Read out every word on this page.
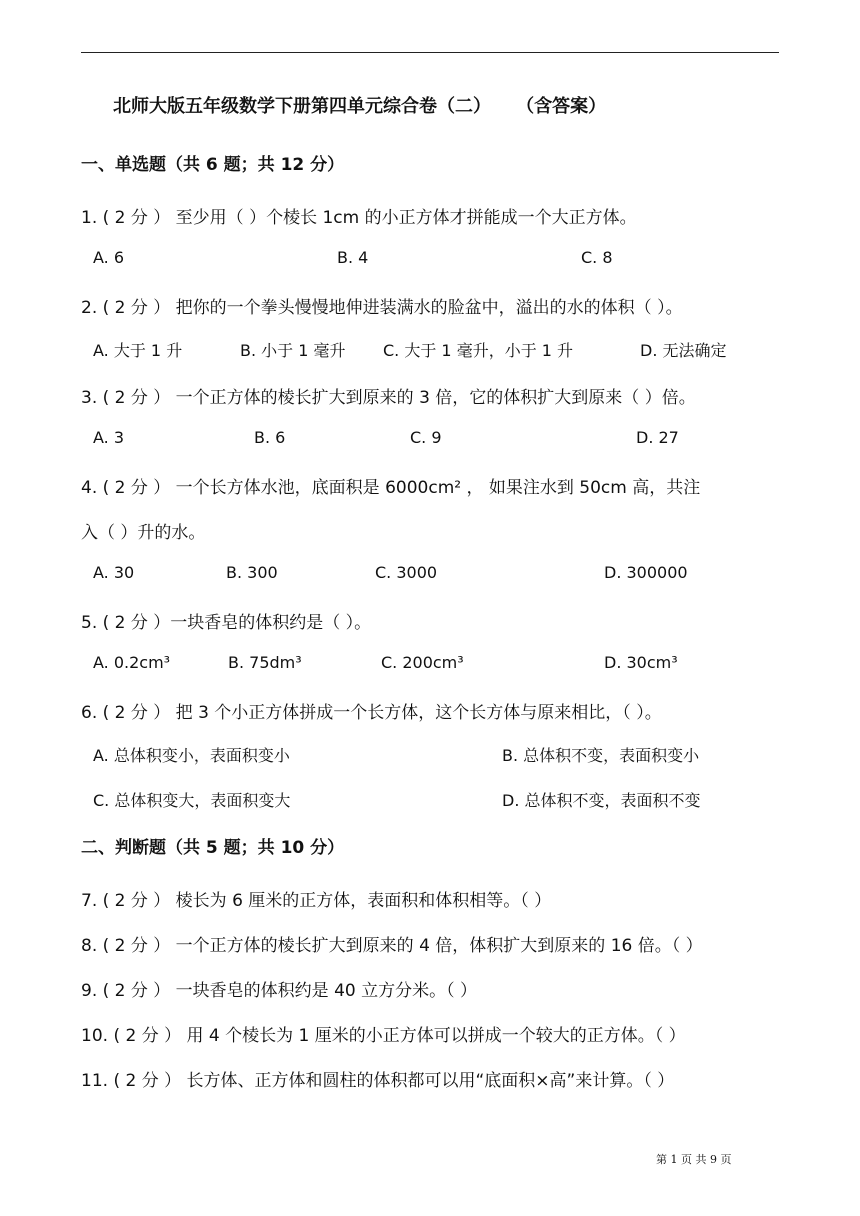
北师大版五年级数学下册第四单元综合卷（二）    （含答案）
一、单选题（共 6 题；共 12 分）
1. ( 2 分 ） 至少用（ ）个棱长 1cm 的小正方体才拼能成一个大正方体。
A. 6	B. 4	C. 8
2. ( 2 分 ） 把你的一个拳头慢慢地伸进装满水的脸盆中，溢出的水的体积（ ）。
A. 大于 1 升	B. 小于 1 毫升 C. 大于 1 毫升，小于 1 升	D. 无法确定
3. ( 2 分 ） 一个正方体的棱长扩大到原来的 3 倍，它的体积扩大到原来（ ）倍。
A. 3	B. 6	C. 9	D. 27
4. ( 2 分 ） 一个长方体水池，底面积是 6000cm² ， 如果注水到 50cm 高，共注
入（ ）升的水。
A. 30	B. 300	C. 3000	D. 300000
5. ( 2 分 ）一块香皂的体积约是（ ）。
A. 0.2cm³	B. 75dm³	C. 200cm³	D. 30cm³
6. ( 2 分 ） 把 3 个小正方体拼成一个长方体，这个长方体与原来相比，（ ）。
A. 总体积变小，表面积变小	B. 总体积不变，表面积变小
C. 总体积变大，表面积变大	D. 总体积不变，表面积不变
二、判断题（共 5 题；共 10 分）
7. ( 2 分 ） 棱长为 6 厘米的正方体，表面积和体积相等。（ ）
8. ( 2 分 ） 一个正方体的棱长扩大到原来的 4 倍，体积扩大到原来的 16 倍。（ ）
9. ( 2 分 ） 一块香皂的体积约是 40 立方分米。（ ）
10. ( 2 分 ） 用 4 个棱长为 1 厘米的小正方体可以拼成一个较大的正方体。（ ）
11. ( 2 分 ） 长方体、正方体和圆柱的体积都可以用“底面积×高”来计算。（ ）
第 1 页 共 9 页
